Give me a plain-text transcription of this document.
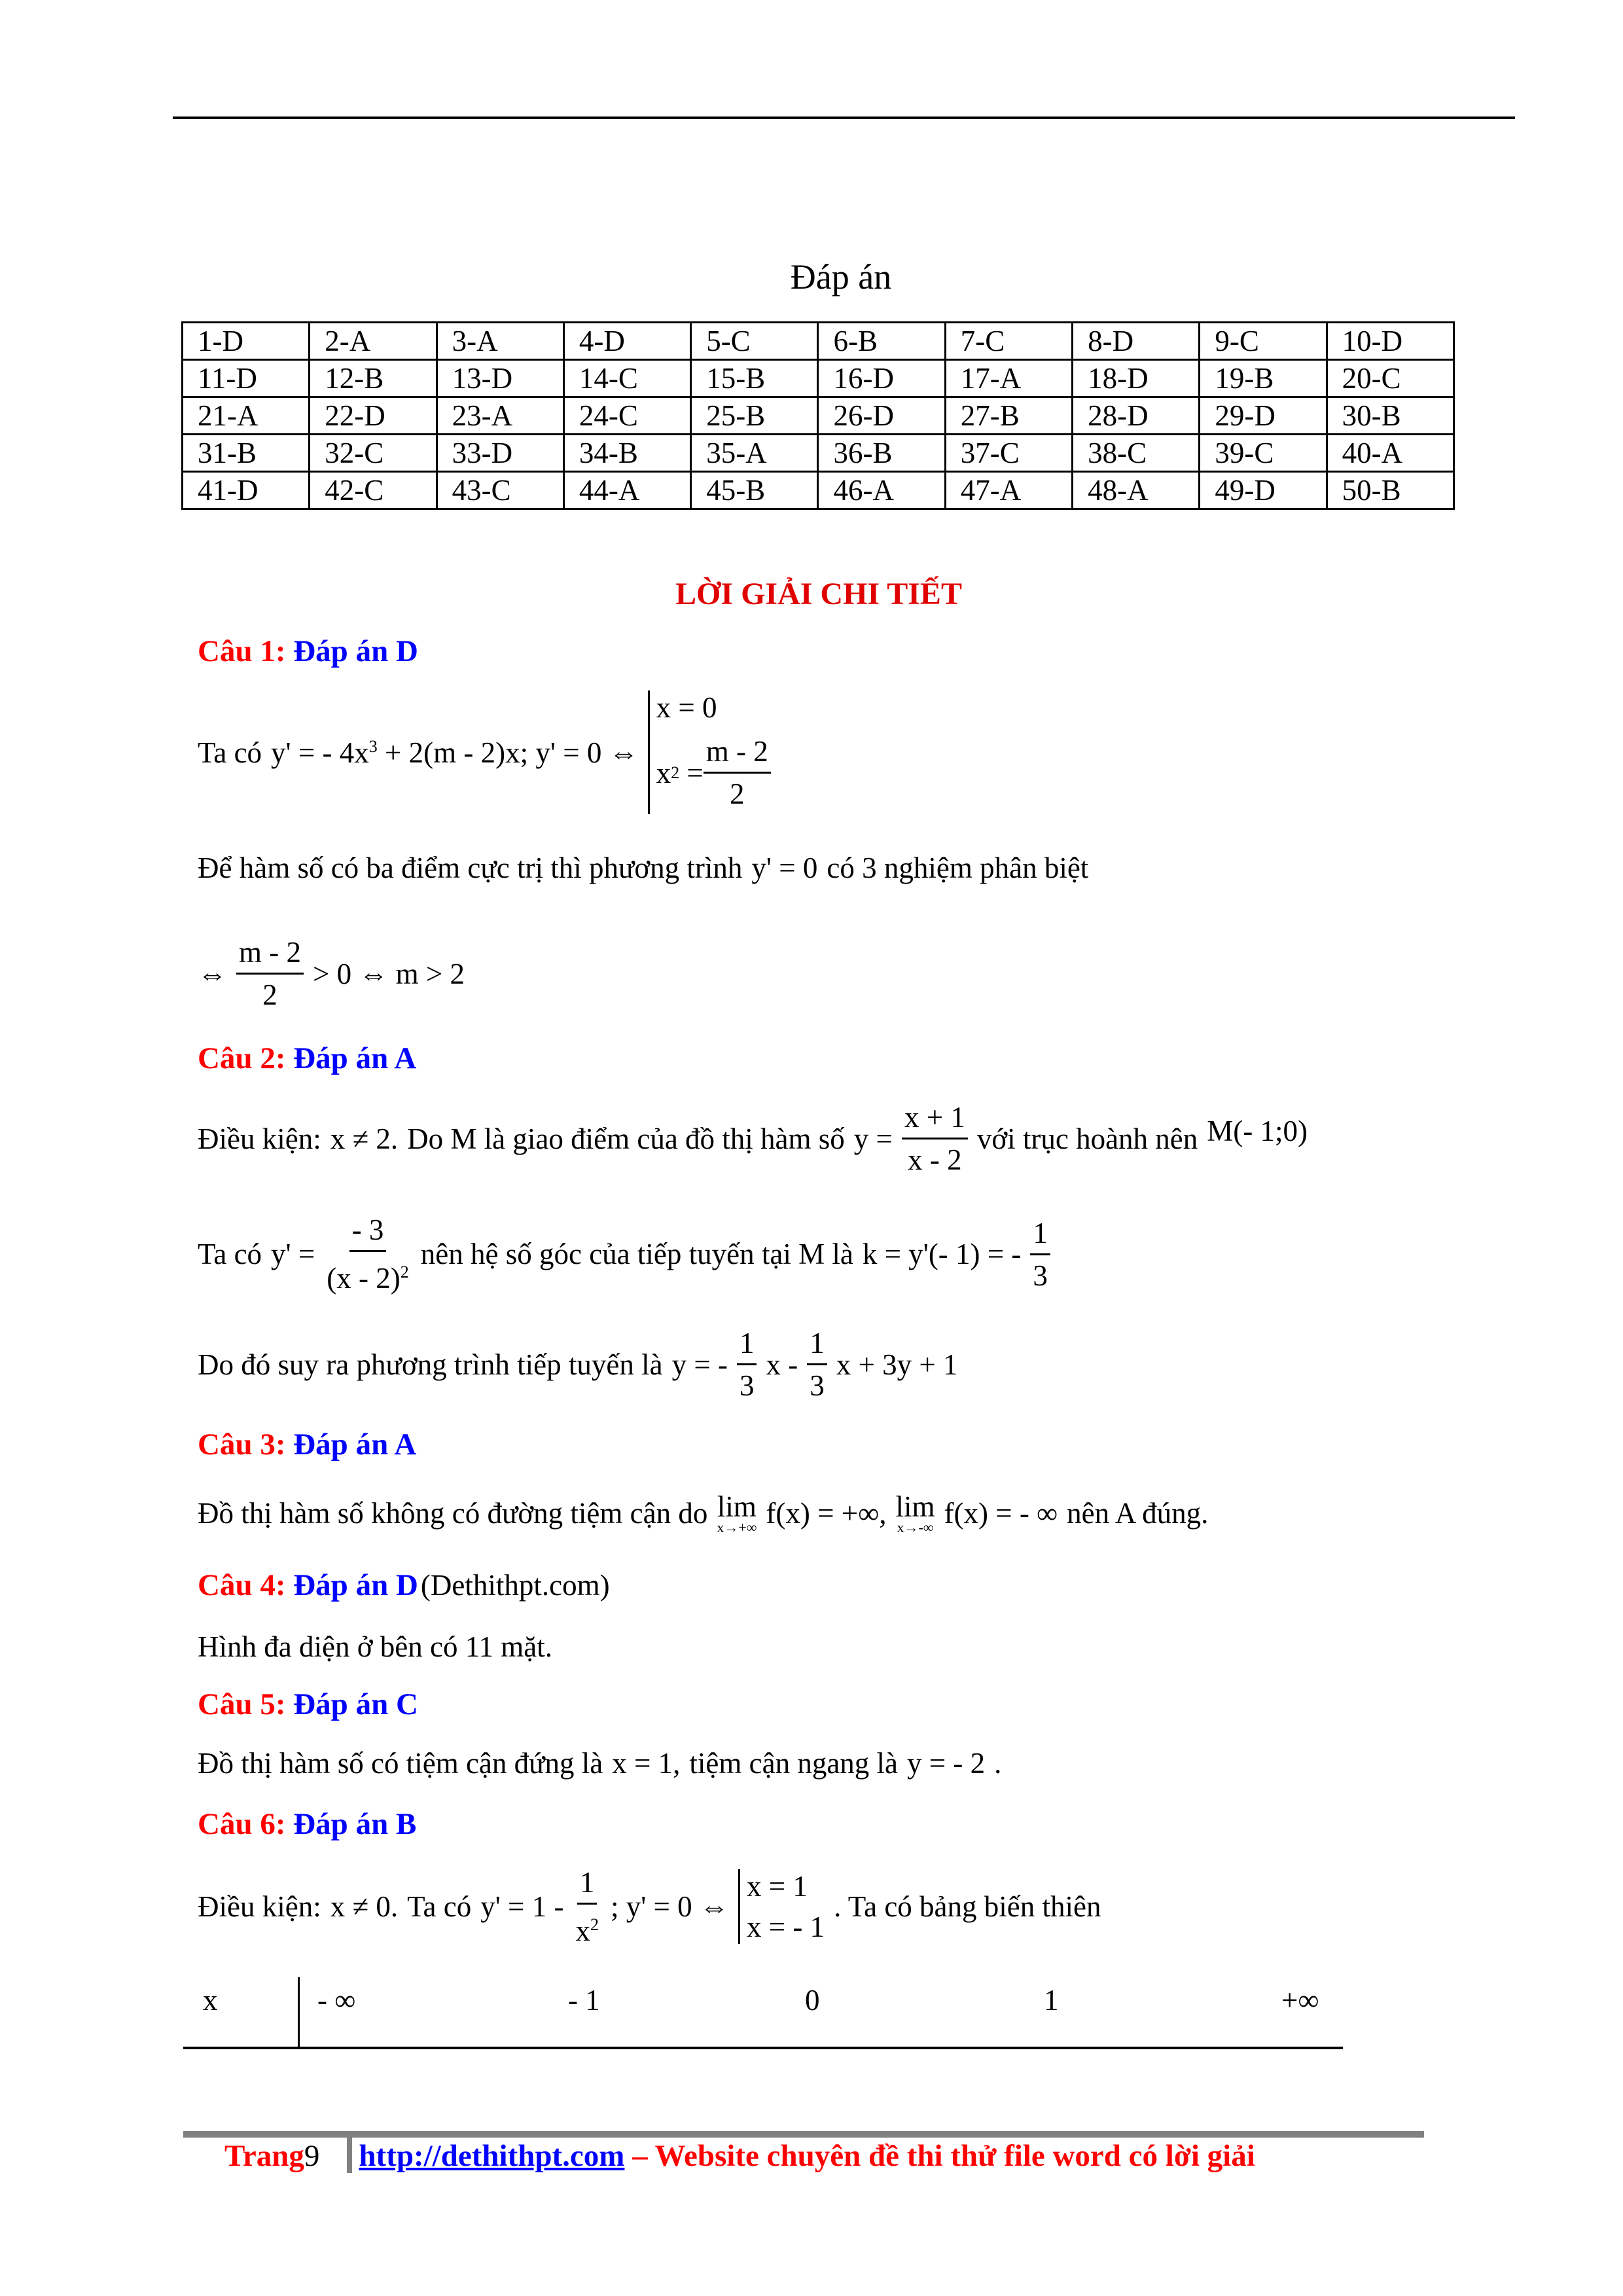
Đáp án
1-D	2-A	3-A	4-D	5-C	6-B	7-C	8-D	9-C	10-D
11-D	12-B	13-D	14-C	15-B	16-D	17-A	18-D	19-B	20-C
21-A	22-D	23-A	24-C	25-B	26-D	27-B	28-D	29-D	30-B
31-B	32-C	33-D	34-B	35-A	36-B	37-C	38-C	39-C	40-A
41-D	42-C	43-C	44-A	45-B	46-A	47-A	48-A	49-D	50-B
LỜI GIẢI CHI TIẾT
Câu 1: Đáp án D
Ta có y' = - $4x^3 + 2(m - 2)x$; y' = 0 ⇔
x = 0
x $2 = \frac{m - 2}{2}$
Để hàm số có ba điểm cực trị thì phương trình y' = 0 có 3 nghiệm phân biệt
⇔ $\frac{m - 2}{2} > 0$ ⇔ m > 2
Câu 2: Đáp án A
Điều kiện: x ≠ 2. Do M là giao điểm của đồ thị hàm số $y = \frac{x + 1}{x - 2}$ với trục hoành nên M(- 1;0)
Ta có $y' = \frac{- 3}{(x - 2)^2}$ nên hệ số góc của tiếp tuyến tại M là k = y'(- 1) = - $\frac{1}{3}$
Do đó suy ra phương trình tiếp tuyến là y = - $\frac{1}{3}$ x - $\frac{1}{3}$ x + 3y + 1
Câu 3: Đáp án A
Đồ thị hàm số không có đường tiệm cận do lim
x→+∞ f(x) = +∞, lim
x→-∞ f(x) = - ∞ nên A đúng.
Câu 4: Đáp án D (Dethithpt.com)
Hình đa diện ở bên có 11 mặt.
Câu 5: Đáp án C
Đồ thị hàm số có tiệm cận đứng là x = 1, tiệm cận ngang là y = - 2 .
Câu 6: Đáp án B
Điều kiện: x ≠ 0. Ta có $y' = 1 - \frac{1}{x^2}$ ; y' = 0 ⇔
x = 1
x = - 1
. Ta có bảng biến thiên
x	- ∞	- 1	0	1	+∞
Trang 9 http://dethithpt.com – Website chuyên đề thi thử file word có lời giải
